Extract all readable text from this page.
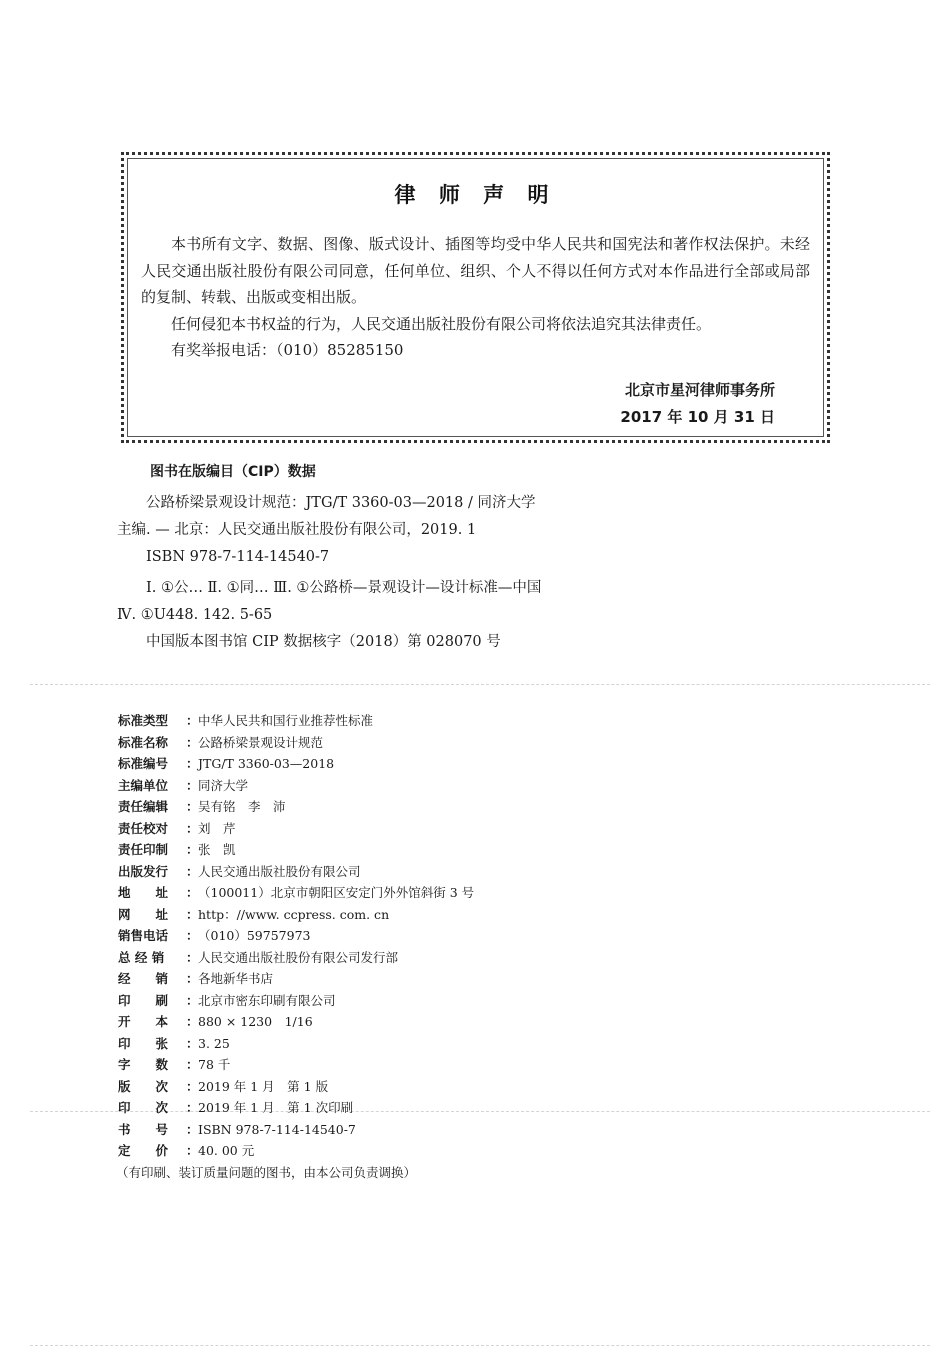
律 师 声 明

本书所有文字、数据、图像、版式设计、插图等均受中华人民共和国宪法和著作权法保护。未经人民交通出版社股份有限公司同意，任何单位、组织、个人不得以任何方式对本作品进行全部或局部的复制、转载、出版或变相出版。

任何侵犯本书权益的行为，人民交通出版社股份有限公司将依法追究其法律责任。

有奖举报电话：（010）85285150

北京市星河律师事务所
2017 年 10 月 31 日
图书在版编目（CIP）数据

公路桥梁景观设计规范：JTG/T 3360-03—2018 / 同济大学主编. — 北京：人民交通出版社股份有限公司，2019. 1

ISBN 978-7-114-14540-7

Ⅰ. ①公… Ⅱ. ①同… Ⅲ. ①公路桥—景观设计—设计标准—中国 Ⅳ. ①U448. 142. 5-65

中国版本图书馆 CIP 数据核字（2018）第 028070 号

标准类型	： 中华人民共和国行业推荐性标准
标准名称	： 公路桥梁景观设计规范
标准编号	： JTG/T 3360-03—2018
主编单位	： 同济大学
责任编辑	： 吴有铭　李　沛
责任校对	： 刘　芹
责任印制	： 张　凯
出版发行	： 人民交通出版社股份有限公司
地　　址	： （100011）北京市朝阳区安定门外外馆斜街 3 号
网　　址	： http：//www. ccpress. com. cn
销售电话	： （010）59757973
总 经 销	： 人民交通出版社股份有限公司发行部
经　　销	： 各地新华书店
印　　刷	： 北京市密东印刷有限公司
开　　本	： 880 × 1230　1/16
印　　张	： 3. 25
字　　数	： 78 千
版　　次	： 2019 年 1 月　第 1 版
印　　次	： 2019 年 1 月　第 1 次印刷
书　　号	： ISBN 978-7-114-14540-7
定　　价	： 40. 00 元
（有印刷、装订质量问题的图书，由本公司负责调换）
